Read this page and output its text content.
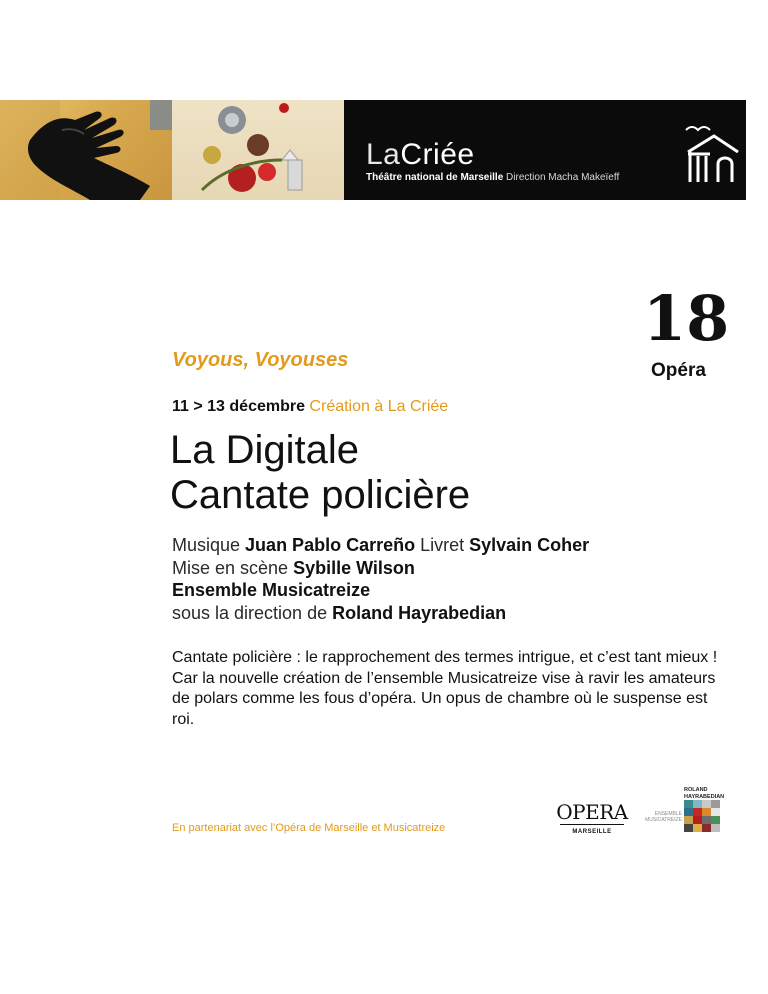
LaCriée
Théâtre national de Marseille Direction Macha Makeïeff
18
Opéra
Voyous, Voyouses
11 > 13 décembre Création à La Criée
La Digitale
Cantate policière
Musique Juan Pablo Carreño Livret Sylvain Coher
Mise en scène Sybille Wilson
Ensemble Musicatreize
sous la direction de Roland Hayrabedian
Cantate policière : le rapprochement des termes intrigue, et c’est tant mieux ! Car la nouvelle création de l’ensemble Musicatreize vise à ravir les amateurs de polars comme les fous d’opéra. Un opus de chambre où le suspense est roi.
En partenariat avec l’Opéra de Marseille et Musicatreize
OPERA
MARSEILLE
ENSEMBLE
MUSICATREIZE
ROLAND
HAYRABEDIAN
